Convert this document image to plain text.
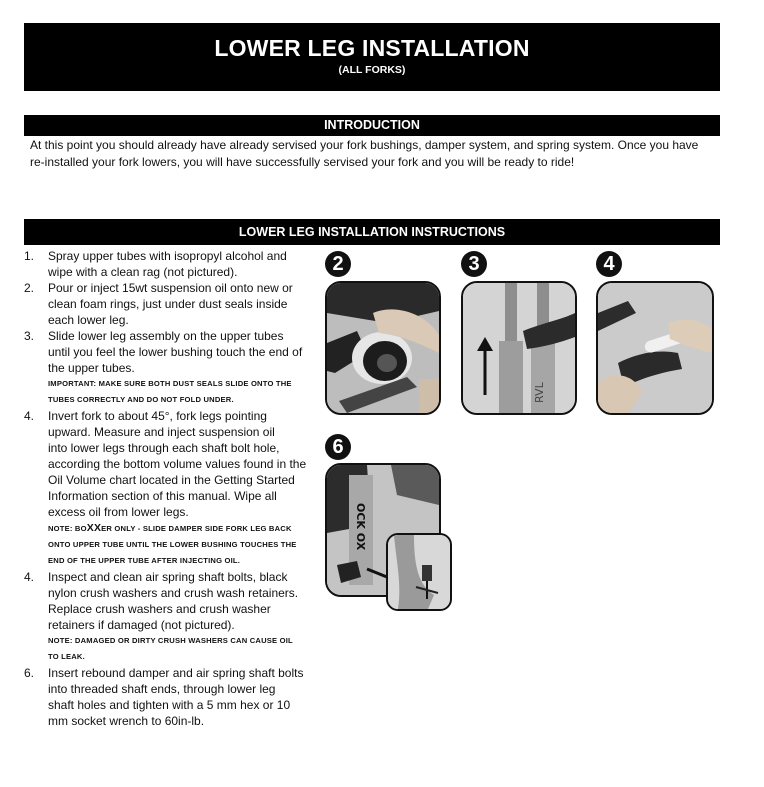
LOWER LEG INSTALLATION
(ALL FORKS)
INTRODUCTION
At this point you should already have already servised your fork bushings, damper system, and spring system. Once you have
re-installed your fork lowers, you will have successfully servised your fork and you will be ready to ride!
LOWER LEG INSTALLATION INSTRUCTIONS
1.	Spray upper tubes with isopropyl alcohol and
wipe with a clean rag (not pictured).
2.	Pour or inject 15wt suspension oil onto new or
clean foam rings, just under dust seals inside
each lower leg.
3.	Slide lower leg assembly on the upper tubes
until you feel the lower bushing touch the end of
the upper tubes.
IMPORTANT: MAKE SURE BOTH DUST SEALS SLIDE ONTO THE
TUBES CORRECTLY AND DO NOT FOLD UNDER.
4.	Invert fork to about 45°, fork legs pointing
upward. Measure and inject suspension oil
into lower legs through each shaft bolt hole,
according the bottom volume values found in the
Oil Volume chart located in the Getting Started
Information section of this manual. Wipe all
excess oil from lower legs.
NOTE: BOXXER ONLY - SLIDE DAMPER SIDE FORK LEG BACK
ONTO UPPER TUBE UNTIL THE LOWER BUSHING TOUCHES THE
END OF THE UPPER TUBE AFTER INJECTING OIL.
4.	Inspect and clean air spring shaft bolts, black
nylon crush washers and crush wash retainers.
Replace crush washers and crush washer
retainers if damaged (not pictured).
NOTE: DAMAGED OR DIRTY CRUSH WASHERS CAN CAUSE OIL
TO LEAK.
6.	Insert rebound damper and air spring shaft bolts
into threaded shaft ends, through lower leg
shaft holes and tighten with a 5 mm hex or 10
mm socket wrench to 60in-lb.
2	3
RVL
4
6
OCK OX
